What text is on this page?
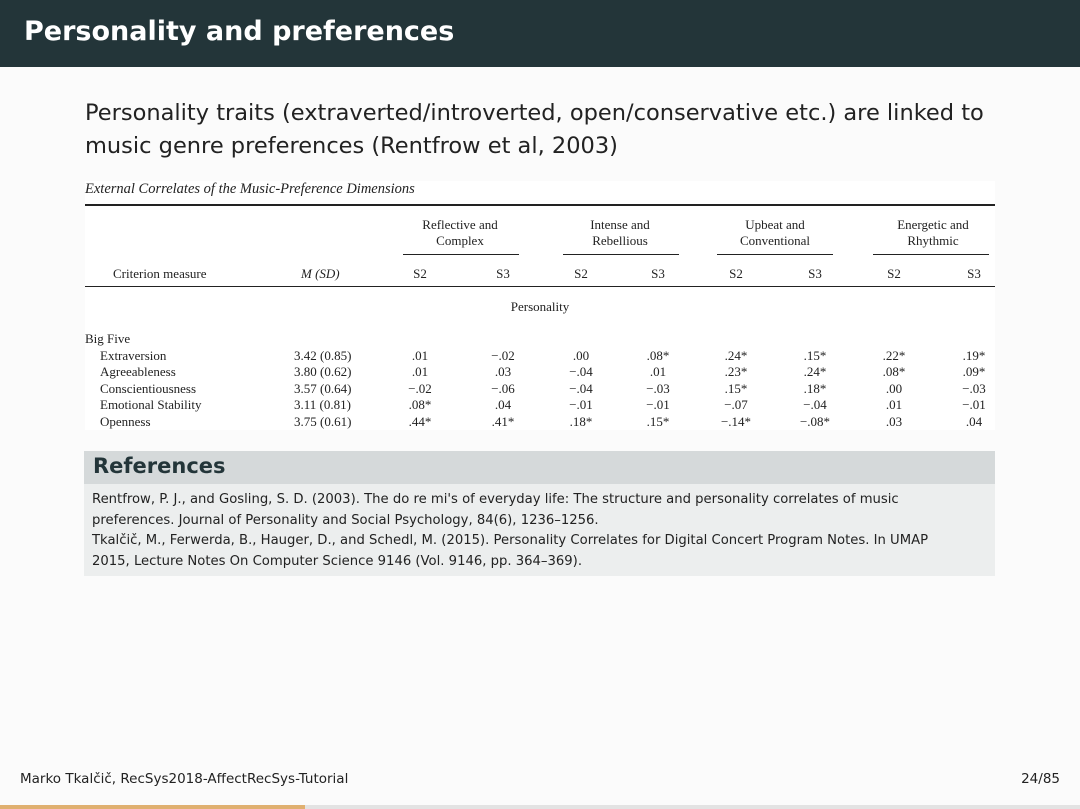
Personality and preferences
Personality traits (extraverted/introverted, open/conservative etc.) are linked to music genre preferences (Rentfrow et al, 2003)
External Correlates of the Music-Preference Dimensions
Criterion measure	M (SD)
Personality
Big Five
Reflective and
Complex
Intense and
Rebellious
Upbeat and
Conventional
Energetic and
Rhythmic
S2	S3	S2	S3	S2	S3	S2	S3
Extraversion	3.42 (0.85)	.01	−.02	.00	.08*	.24*	.15*	.22*	.19*
Agreeableness	3.80 (0.62)	.01	.03	−.04	.01	.23*	.24*	.08*	.09*
Conscientiousness	3.57 (0.64)	−.02	−.06	−.04	−.03	.15*	.18*	.00	−.03
Emotional Stability	3.11 (0.81)	.08*	.04	−.01	−.01	−.07	−.04	.01	−.01
Openness	3.75 (0.61)	.44*	.41*	.18*	.15*	−.14*	−.08*	.03	.04
References
Rentfrow, P. J., and Gosling, S. D. (2003). The do re mi's of everyday life: The structure and personality correlates of music
preferences. Journal of Personality and Social Psychology, 84(6), 1236–1256.
Tkalčič, M., Ferwerda, B., Hauger, D., and Schedl, M. (2015). Personality Correlates for Digital Concert Program Notes. In UMAP
2015, Lecture Notes On Computer Science 9146 (Vol. 9146, pp. 364–369).
Marko Tkalčič, RecSys2018-AffectRecSys-Tutorial	24/85
